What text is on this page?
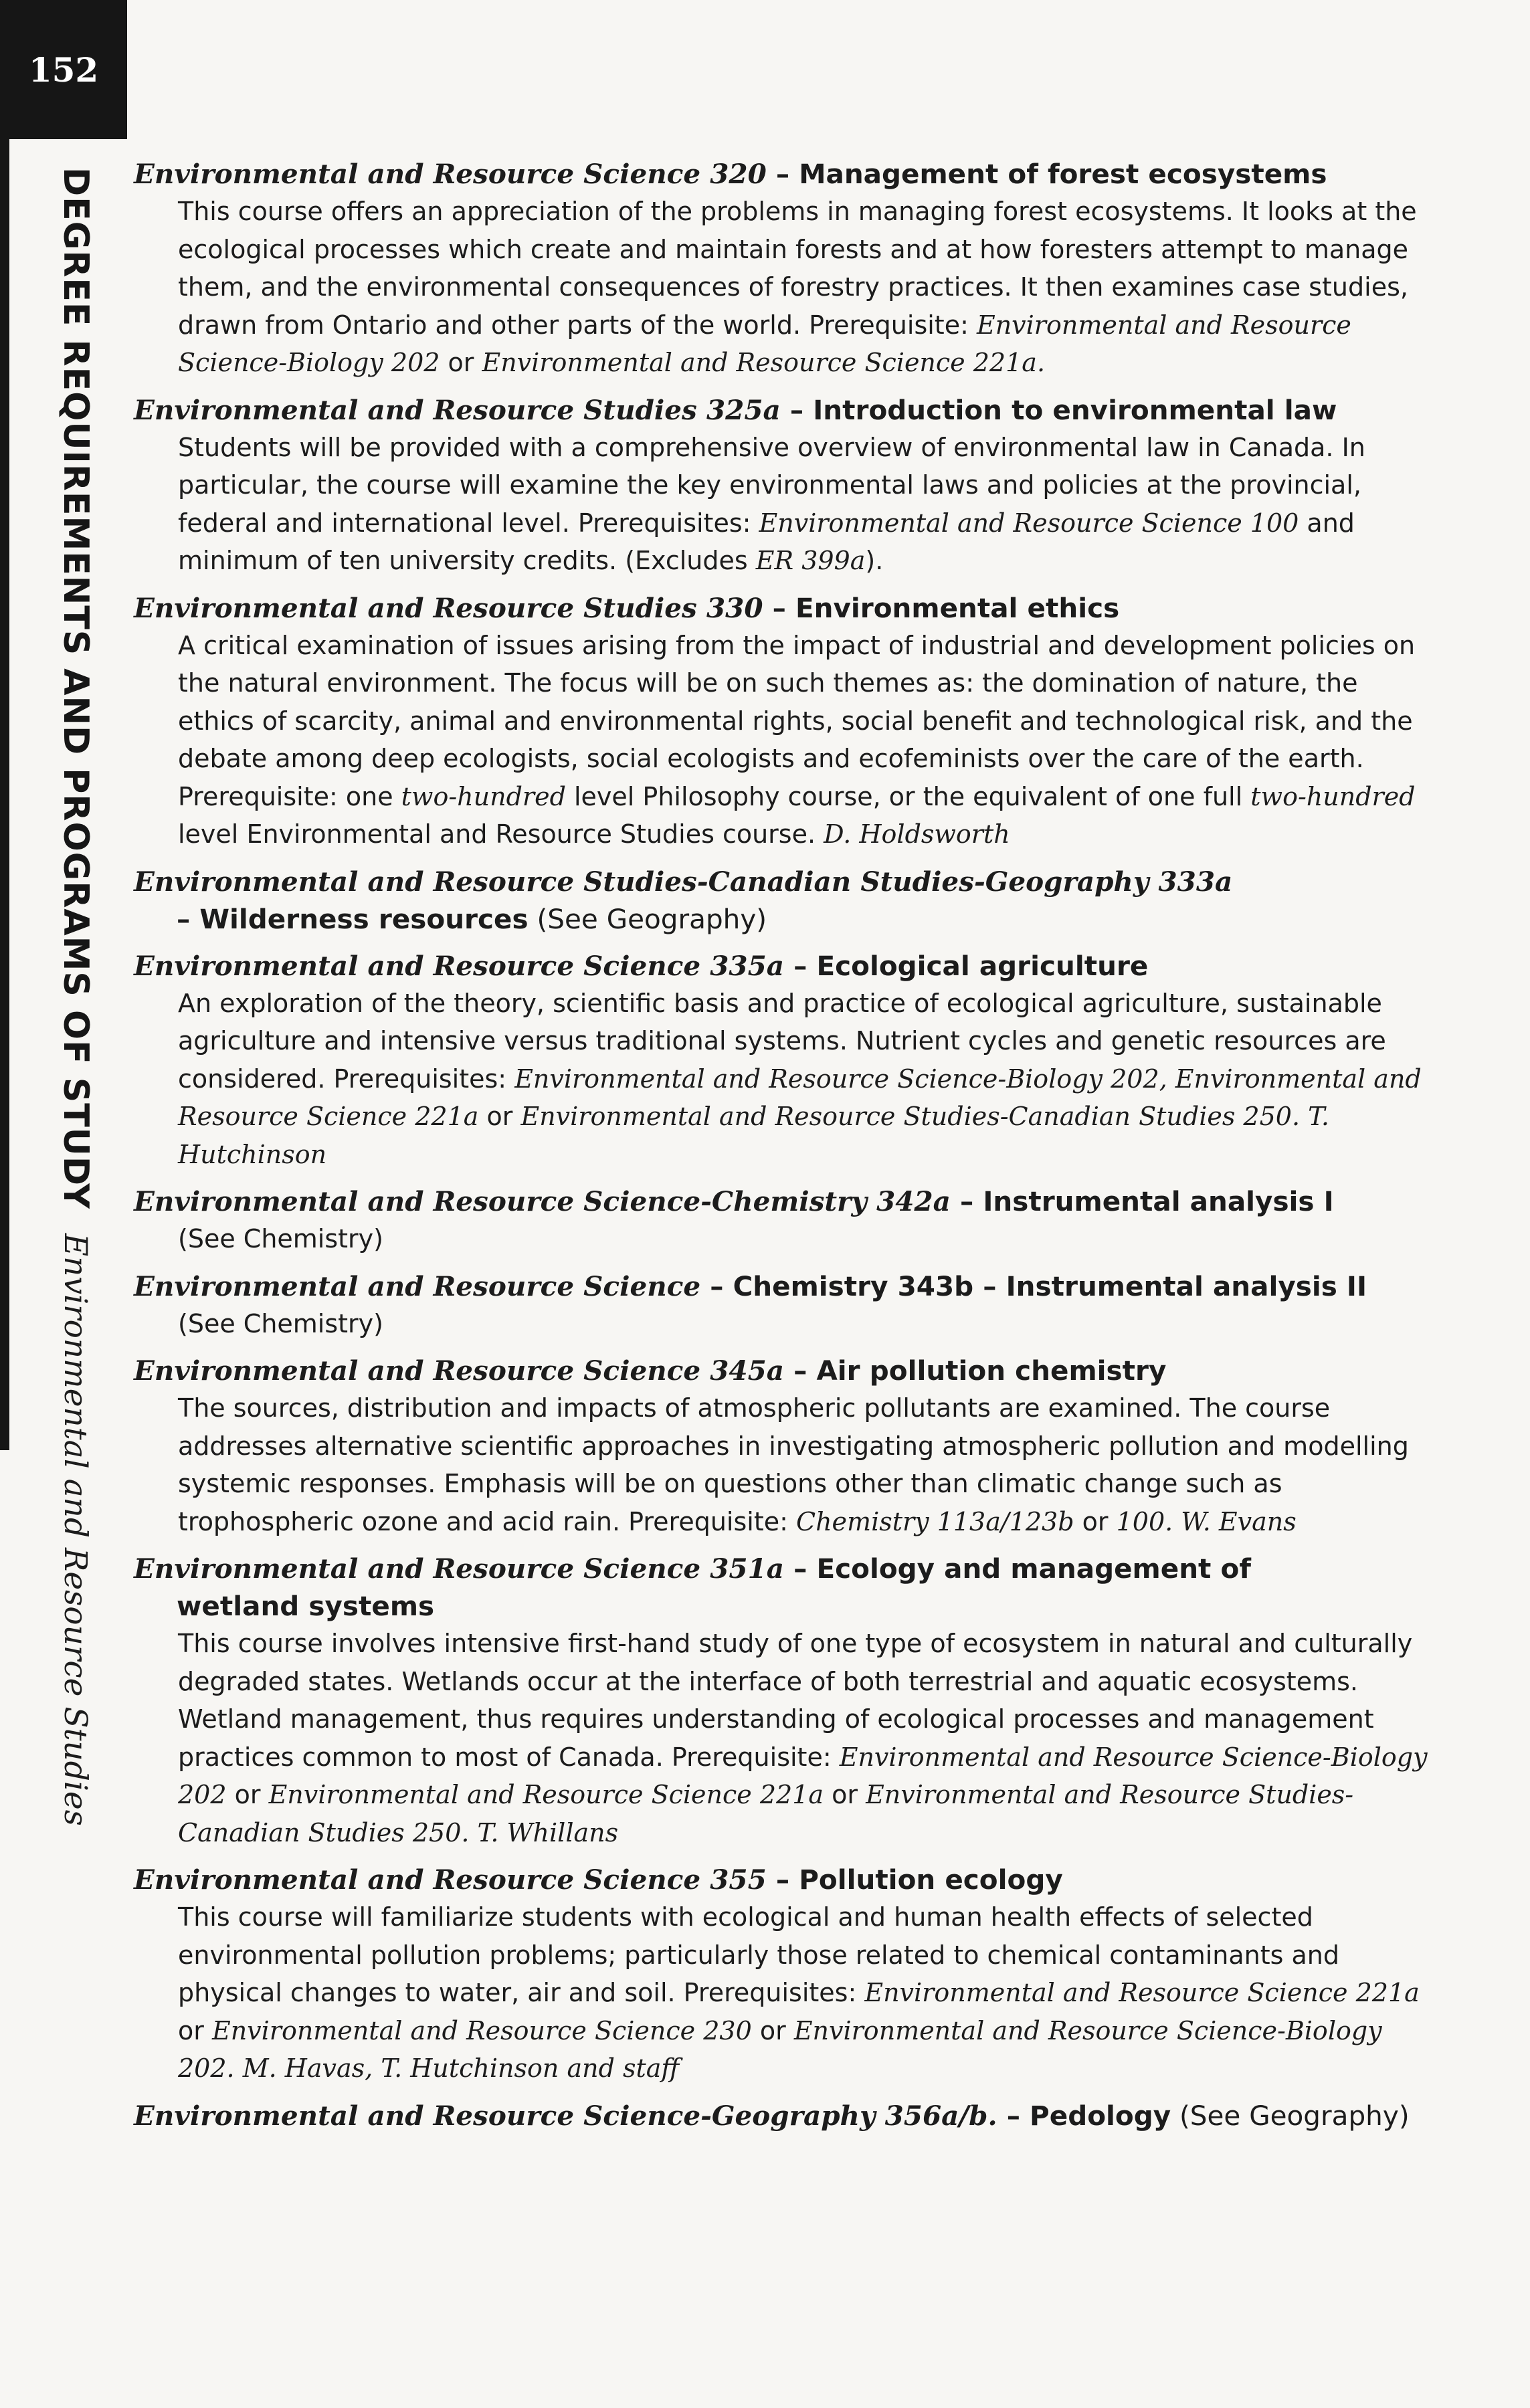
152
DEGREE REQUIREMENTS AND PROGRAMS OF STUDY
Environmental and Resource Studies
Environmental and Resource Science 320 – Management of forest ecosystems
This course offers an appreciation of the problems in managing forest ecosystems. It looks at the ecological processes which create and maintain forests and at how foresters attempt to manage them, and the environmental consequences of forestry practices. It then examines case studies, drawn from Ontario and other parts of the world. Prerequisite: Environmental and Resource Science-Biology 202 or Environmental and Resource Science 221a.
Environmental and Resource Studies 325a – Introduction to environmental law
Students will be provided with a comprehensive overview of environmental law in Canada. In particular, the course will examine the key environmental laws and policies at the provincial, federal and international level. Prerequisites: Environmental and Resource Science 100 and minimum of ten university credits. (Excludes ER 399a).
Environmental and Resource Studies 330 – Environmental ethics
A critical examination of issues arising from the impact of industrial and development policies on the natural environment. The focus will be on such themes as: the domination of nature, the ethics of scarcity, animal and environmental rights, social benefit and technological risk, and the debate among deep ecologists, social ecologists and ecofeminists over the care of the earth. Prerequisite: one two-hundred level Philosophy course, or the equivalent of one full two-hundred level Environmental and Resource Studies course. D. Holdsworth
Environmental and Resource Studies-Canadian Studies-Geography 333a
– Wilderness resources (See Geography)
Environmental and Resource Science 335a – Ecological agriculture
An exploration of the theory, scientific basis and practice of ecological agriculture, sustainable agriculture and intensive versus traditional systems. Nutrient cycles and genetic resources are considered. Prerequisites: Environmental and Resource Science-Biology 202, Environmental and Resource Science 221a or Environmental and Resource Studies-Canadian Studies 250. T. Hutchinson
Environmental and Resource Science-Chemistry 342a – Instrumental analysis I
(See Chemistry)
Environmental and Resource Science – Chemistry 343b – Instrumental analysis II
(See Chemistry)
Environmental and Resource Science 345a – Air pollution chemistry
The sources, distribution and impacts of atmospheric pollutants are examined. The course addresses alternative scientific approaches in investigating atmospheric pollution and modelling systemic responses. Emphasis will be on questions other than climatic change such as trophospheric ozone and acid rain. Prerequisite: Chemistry 113a/123b or 100. W. Evans
Environmental and Resource Science 351a – Ecology and management of
wetland systems
This course involves intensive first-hand study of one type of ecosystem in natural and culturally degraded states. Wetlands occur at the interface of both terrestrial and aquatic ecosystems. Wetland management, thus requires understanding of ecological processes and management practices common to most of Canada. Prerequisite: Environmental and Resource Science-Biology 202 or Environmental and Resource Science 221a or Environmental and Resource Studies-Canadian Studies 250. T. Whillans
Environmental and Resource Science 355 – Pollution ecology
This course will familiarize students with ecological and human health effects of selected environmental pollution problems; particularly those related to chemical contaminants and physical changes to water, air and soil. Prerequisites: Environmental and Resource Science 221a or Environmental and Resource Science 230 or Environmental and Resource Science-Biology 202. M. Havas, T. Hutchinson and staff
Environmental and Resource Science-Geography 356a/b. – Pedology (See Geography)
